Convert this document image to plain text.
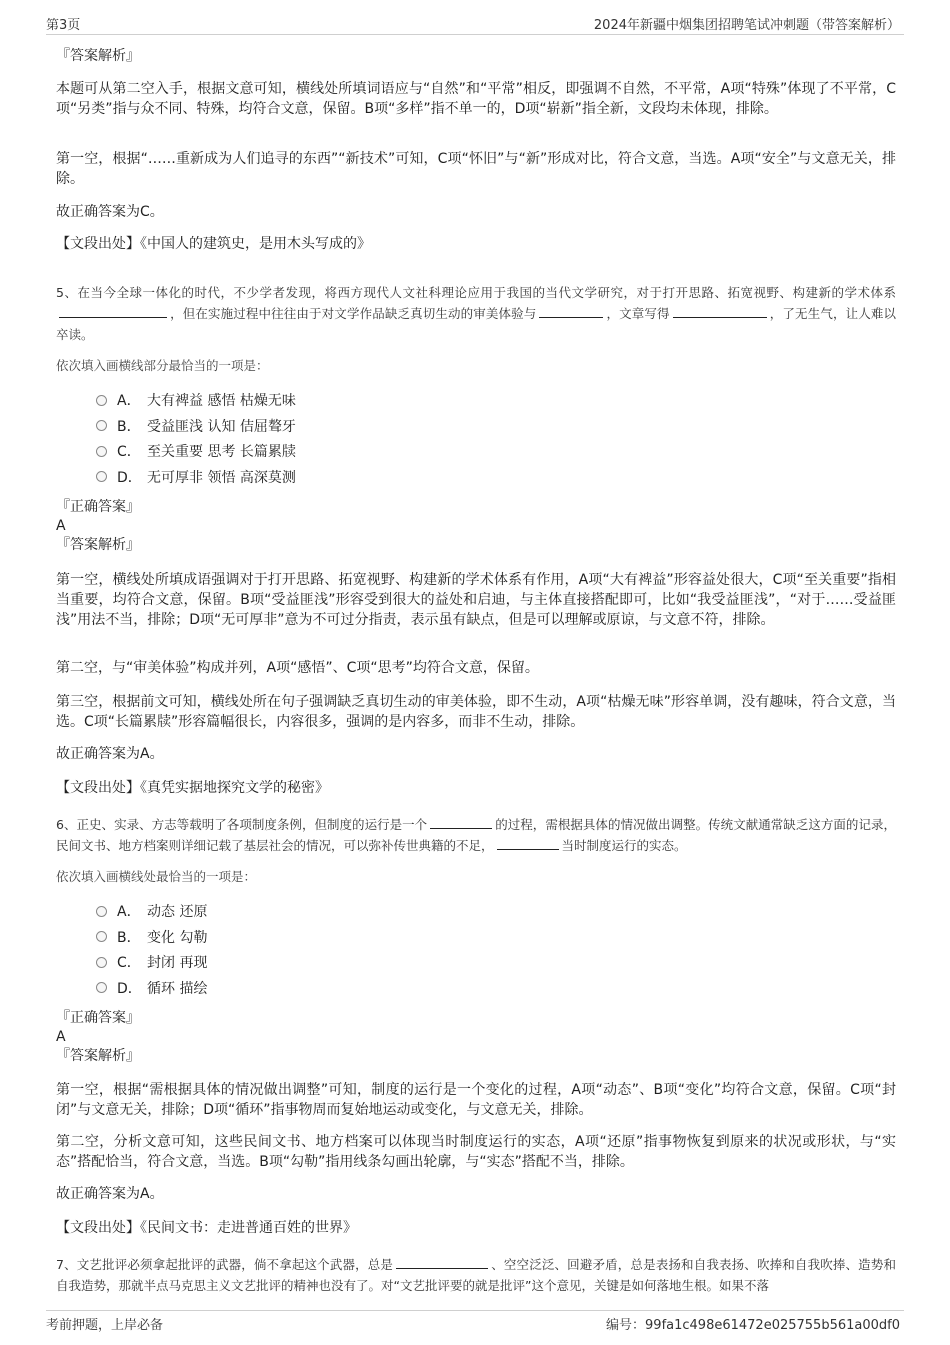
第3页	2024年新疆中烟集团招聘笔试冲刺题（带答案解析）
『答案解析』

本题可从第二空入手，根据文意可知，横线处所填词语应与“自然”和“平常”相反，即强调不自然，不平常，A项“特殊”体现了不平常，C项“另类”指与众不同、特殊，均符合文意，保留。B项“多样”指不单一的，D项“崭新”指全新，文段均未体现，排除。

第一空，根据“……重新成为人们追寻的东西”“新技术”可知，C项“怀旧”与“新”形成对比，符合文意，当选。A项“安全”与文意无关，排除。

故正确答案为C。

【文段出处】《中国人的建筑史，是用木头写成的》

5、在当今全球一体化的时代，不少学者发现，将西方现代人文社科理论应用于我国的当代文学研究，对于打开思路、拓宽视野、构建新的学术体系，但在实施过程中往往由于对文学作品缺乏真切生动的审美体验与	，文章写得	，了无生气，让人难以卒读。

依次填入画横线部分最恰当的一项是：
A． 大有裨益 感悟 枯燥无味
B． 受益匪浅 认知 佶屈聱牙
C． 至关重要 思考 长篇累牍
D． 无可厚非 领悟 高深莫测
『正确答案』
A
『答案解析』

第一空，横线处所填成语强调对于打开思路、拓宽视野、构建新的学术体系有作用，A项“大有裨益”形容益处很大，C项“至关重要”指相当重要，均符合文意，保留。B项“受益匪浅”形容受到很大的益处和启迪，与主体直接搭配即可，比如“我受益匪浅”，“对于……受益匪浅”用法不当，排除；D项“无可厚非”意为不可过分指责，表示虽有缺点，但是可以理解或原谅，与文意不符，排除。

第二空，与“审美体验”构成并列，A项“感悟”、C项“思考”均符合文意，保留。

第三空，根据前文可知，横线处所在句子强调缺乏真切生动的审美体验，即不生动，A项“枯燥无味”形容单调，没有趣味，符合文意，当选。C项“长篇累牍”形容篇幅很长，内容很多，强调的是内容多，而非不生动，排除。

故正确答案为A。

【文段出处】《真凭实据地探究文学的秘密》

6、正史、实录、方志等载明了各项制度条例，但制度的运行是一个	的过程，需根据具体的情况做出调整。传统文献通常缺乏这方面的记录，民间文书、地方档案则详细记载了基层社会的情况，可以弥补传世典籍的不足，	当时制度运行的实态。

依次填入画横线处最恰当的一项是：
A． 动态 还原
B． 变化 勾勒
C． 封闭 再现
D． 循环 描绘
『正确答案』
A
『答案解析』

第一空，根据“需根据具体的情况做出调整”可知，制度的运行是一个变化的过程，A项“动态”、B项“变化”均符合文意，保留。C项“封闭”与文意无关，排除；D项“循环”指事物周而复始地运动或变化，与文意无关，排除。

第二空，分析文意可知，这些民间文书、地方档案可以体现当时制度运行的实态，A项“还原”指事物恢复到原来的状况或形状，与“实态”搭配恰当，符合文意，当选。B项“勾勒”指用线条勾画出轮廓，与“实态”搭配不当，排除。

故正确答案为A。

【文段出处】《民间文书：走进普通百姓的世界》

7、文艺批评必须拿起批评的武器，倘不拿起这个武器，总是	、空空泛泛、回避矛盾，总是表扬和自我表扬、吹捧和自我吹捧、造势和自我造势，那就半点马克思主义文艺批评的精神也没有了。对“文艺批评要的就是批评”这个意见，关键是如何落地生根。如果不落

考前押题，上岸必备	编号：99fa1c498e61472e025755b561a00df0
